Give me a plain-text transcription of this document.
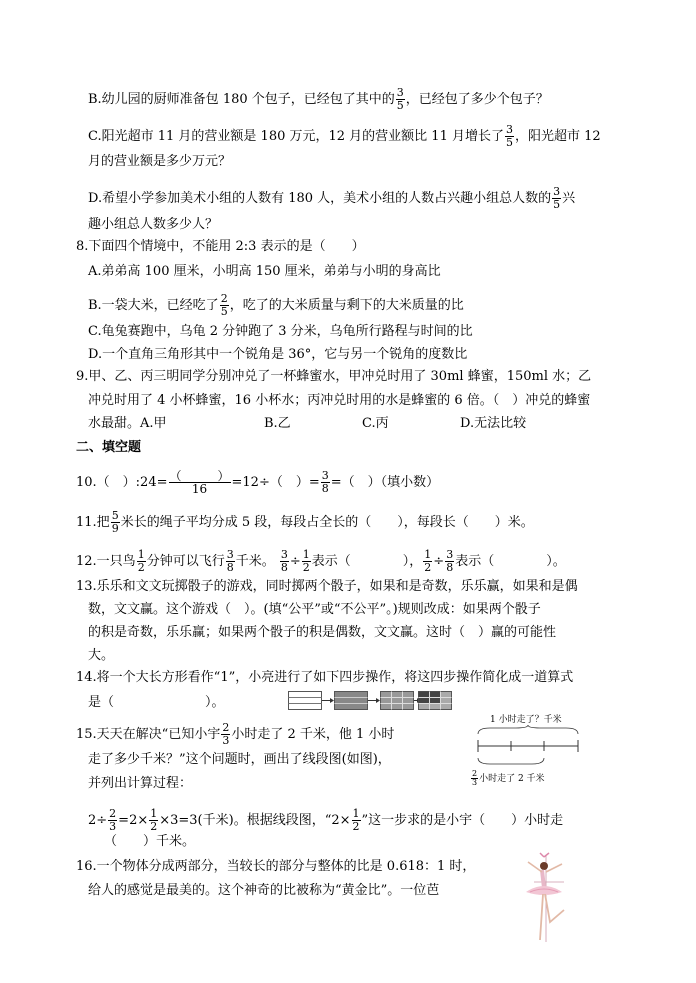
B.幼儿园的厨师准备包 180 个包子，已经包了其中的 $\frac{3}{5}$ ，已经包了多少个包子？
C.阳光超市 11 月的营业额是 180 万元，12 月的营业额比 11 月增长了 $\frac{3}{5}$ ，阳光超市 12
月的营业额是多少万元？
D.希望小学参加美术小组的人数有 180 人，美术小组的人数占兴趣小组总人数的 $\frac{3}{5}$ 兴
趣小组总人数多少人？
8.下面四个情境中，不能用 2:3 表示的是（　　）
A.弟弟高 100 厘米，小明高 150 厘米，弟弟与小明的身高比
B.一袋大米，已经吃了 $\frac{2}{5}$ ，吃了的大米质量与剩下的大米质量的比
C.龟兔赛跑中，乌龟 2 分钟跑了 3 分米，乌龟所行路程与时间的比
D.一个直角三角形其中一个锐角是 36°，它与另一个锐角的度数比
9.甲、乙、丙三明同学分别冲兑了一杯蜂蜜水，甲冲兑时用了 30ml 蜂蜜，150ml 水；乙
冲兑时用了 4 小杯蜂蜜，16 小杯水；丙冲兑时用的水是蜂蜜的 6 倍。（　）冲兑的蜂蜜
水最甜。A.甲	B.乙	C.丙	D.无法比较
二、填空题
10.（　）:24= $\frac{( )}{16} =12\div$（　）= $\frac{3}{8}$ =（　）（填小数）
11.把 $\frac{5}{9}$ 米长的绳子平均分成 5 段，每段占全长的（　　），每段长（　　）米。
12.一只鸟 $\frac{1}{2}$ 分钟可以飞行 $\frac{3}{8}$ 千米。 $\frac{3}{8} \div \frac{1}{2}$ 表示（　　　　）， $\frac{1}{2} \div \frac{3}{8}$ 表示（　　　　）。
13.乐乐和文文玩掷骰子的游戏，同时掷两个骰子，如果和是奇数，乐乐赢，如果和是偶
数，文文赢。这个游戏（　）。(填“公平”或“不公平”。)规则改成：如果两个骰子
的积是奇数，乐乐赢；如果两个骰子的积是偶数，文文赢。这时（　）赢的可能性
大。
14.将一个大长方形看作“1”，小亮进行了如下四步操作，将这四步操作简化成一道算式
是（　　　　　　　）。
15.天天在解决“已知小宇 $\frac{2}{3}$ 小时走了 2 千米，他 1 小时
走了多少千米？”这个问题时，画出了线段图(如图)，
并列出计算过程：
$2\div \frac{2}{3} =2\times \frac{1}{2} \times 3=3$(千米)。根据线段图，“$2\times \frac{1}{2}$ ”这一步求的是小宇（　　）小时走
（　　）千米。
1 小时走了？千米
$\frac{2}{3}$ 小时走了 2 千米
16.一个物体分成两部分，当较长的部分与整体的比是 0.618：1 时，
给人的感觉是最美的。这个神奇的比被称为“黄金比”。一位芭
